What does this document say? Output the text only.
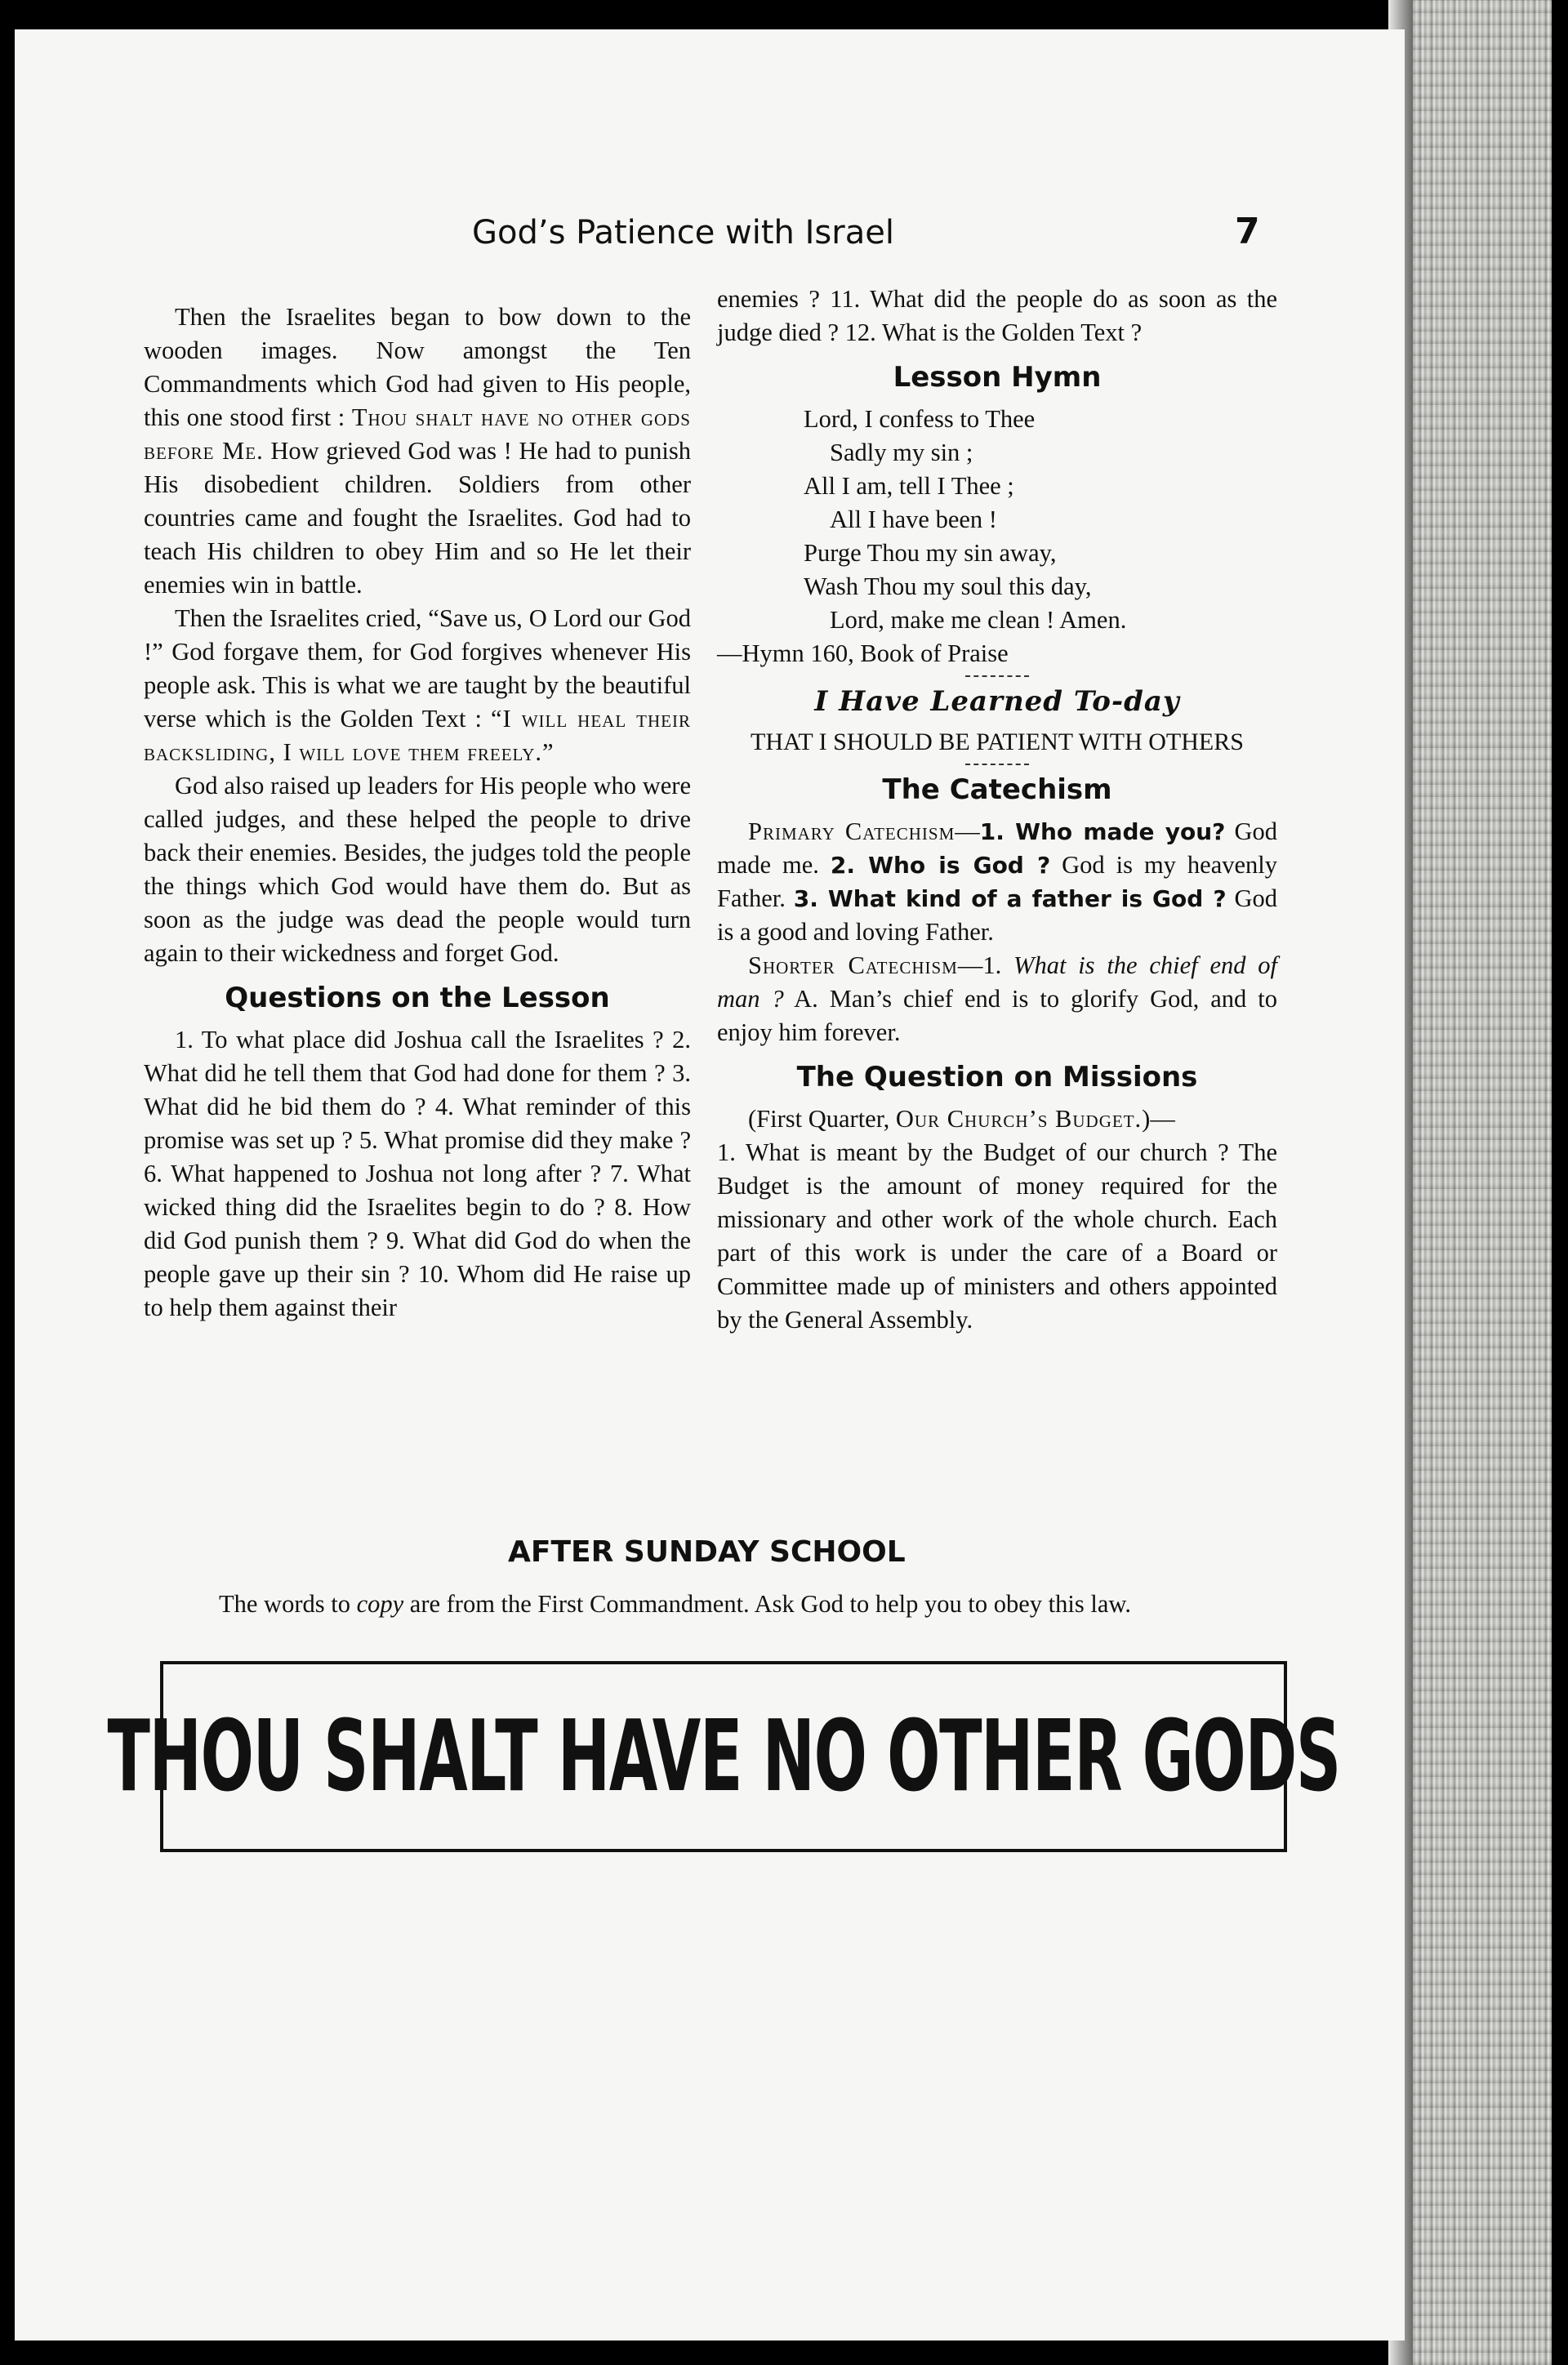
God’s Patience with Israel	7

Then the Israelites began to bow down to the wooden images. Now amongst the Ten Commandments which God had given to His people, this one stood first : Thou shalt have no other gods before Me. How grieved God was ! He had to punish His disobedient children. Soldiers from other countries came and fought the Israelites. God had to teach His children to obey Him and so He let their enemies win in battle.

Then the Israelites cried, “Save us, O Lord our God !” God forgave them, for God forgives whenever His people ask. This is what we are taught by the beautiful verse which is the Golden Text : “I will heal their backsliding, I will love them freely.”

God also raised up leaders for His people who were called judges, and these helped the people to drive back their enemies. Besides, the judges told the people the things which God would have them do. But as soon as the judge was dead the people would turn again to their wickedness and forget God.

Questions on the Lesson

1. To what place did Joshua call the Israelites ? 2. What did he tell them that God had done for them ? 3. What did he bid them do ? 4. What reminder of this promise was set up ? 5. What promise did they make ? 6. What happened to Joshua not long after ? 7. What wicked thing did the Israelites begin to do ? 8. How did God punish them ? 9. What did God do when the people gave up their sin ? 10. Whom did He raise up to help them against their

enemies ? 11. What did the people do as soon as the judge died ? 12. What is the Golden Text ?

Lesson Hymn
Lord, I confess to Thee
Sadly my sin ;
All I am, tell I Thee ;
All I have been !
Purge Thou my sin away,
Wash Thou my soul this day,
Lord, make me clean ! Amen.
—Hymn 160, Book of Praise
I Have Learned To-day
THAT I SHOULD BE PATIENT WITH OTHERS
The Catechism

Primary Catechism—1. Who made you? God made me. 2. Who is God ? God is my heavenly Father. 3. What kind of a father is God ? God is a good and loving Father.

Shorter Catechism—1. What is the chief end of man ? A. Man’s chief end is to glorify God, and to enjoy him forever.

The Question on Missions

(First Quarter, Our Church’s Budget.)—

1. What is meant by the Budget of our church ? The Budget is the amount of money required for the missionary and other work of the whole church. Each part of this work is under the care of a Board or Committee made up of ministers and others appointed by the General Assembly.

AFTER SUNDAY SCHOOL

The words to copy are from the First Commandment. Ask God to help you to obey this law.

THOU SHALT HAVE NO OTHER GODS
